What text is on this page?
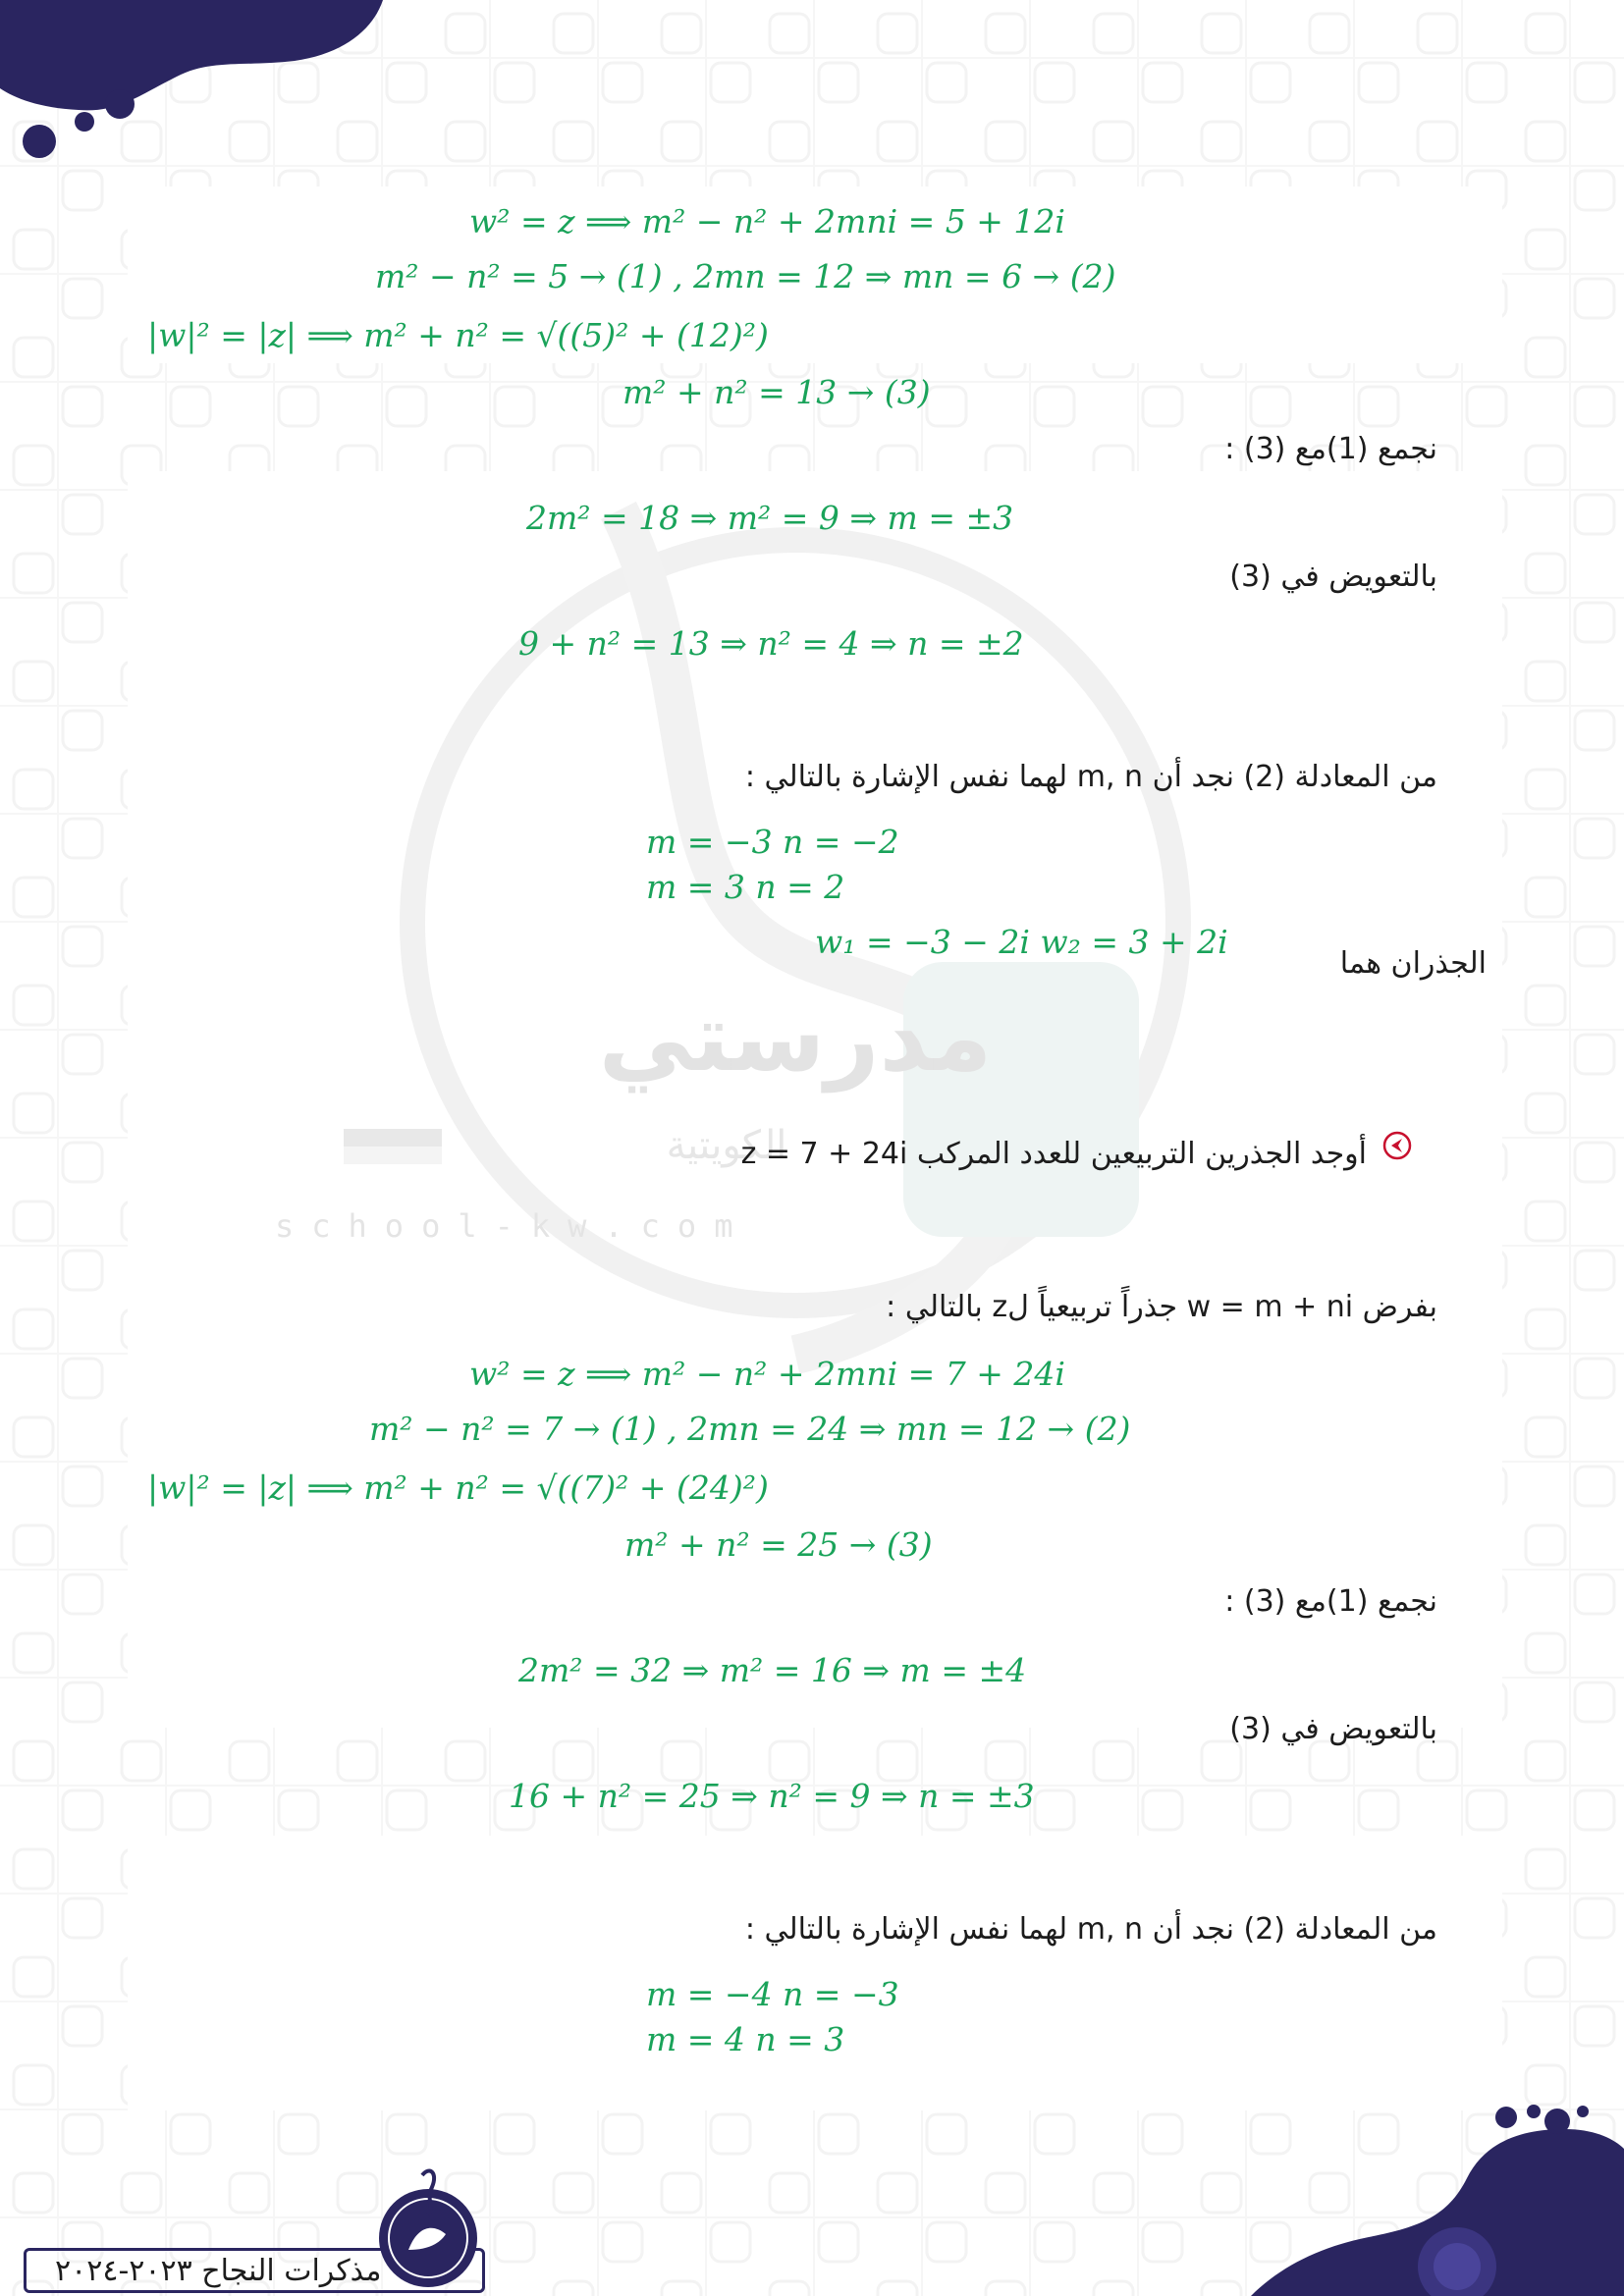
مدرستي
الكويتية
school-kw.com
w² = z ⟹ m² − n² + 2mni = 5 + 12i
m² − n² = 5 → (1) , 2mn = 12 ⇒ mn = 6 → (2)
|w|² = |z| ⟹ m² + n² = √((5)² + (12)²)
m² + n² = 13 → (3)
نجمع (1)مع (3) :
2m² = 18 ⇒ m² = 9 ⇒ m = ±3
بالتعويض في (3)
9 + n² = 13 ⇒ n² = 4 ⇒ n = ±2
من المعادلة (2) نجد أن m, n لهما نفس الإشارة بالتالي :
m = −3 n = −2
m = 3 n = 2
w₁ = −3 − 2i w₂ = 3 + 2i
الجذران هما
أوجد الجذرين التربيعين للعدد المركب z = 7 + 24i
بفرض w = m + ni جذراً تربيعياً لz بالتالي :
w² = z ⟹ m² − n² + 2mni = 7 + 24i
m² − n² = 7 → (1) , 2mn = 24 ⇒ mn = 12 → (2)
|w|² = |z| ⟹ m² + n² = √((7)² + (24)²)
m² + n² = 25 → (3)
نجمع (1)مع (3) :
2m² = 32 ⇒ m² = 16 ⇒ m = ±4
بالتعويض في (3)
16 + n² = 25 ⇒ n² = 9 ⇒ n = ±3
من المعادلة (2) نجد أن m, n لهما نفس الإشارة بالتالي :
m = −4 n = −3
m = 4 n = 3
مذكرات النجاح ٢٠٢٣-٢٠٢٤
